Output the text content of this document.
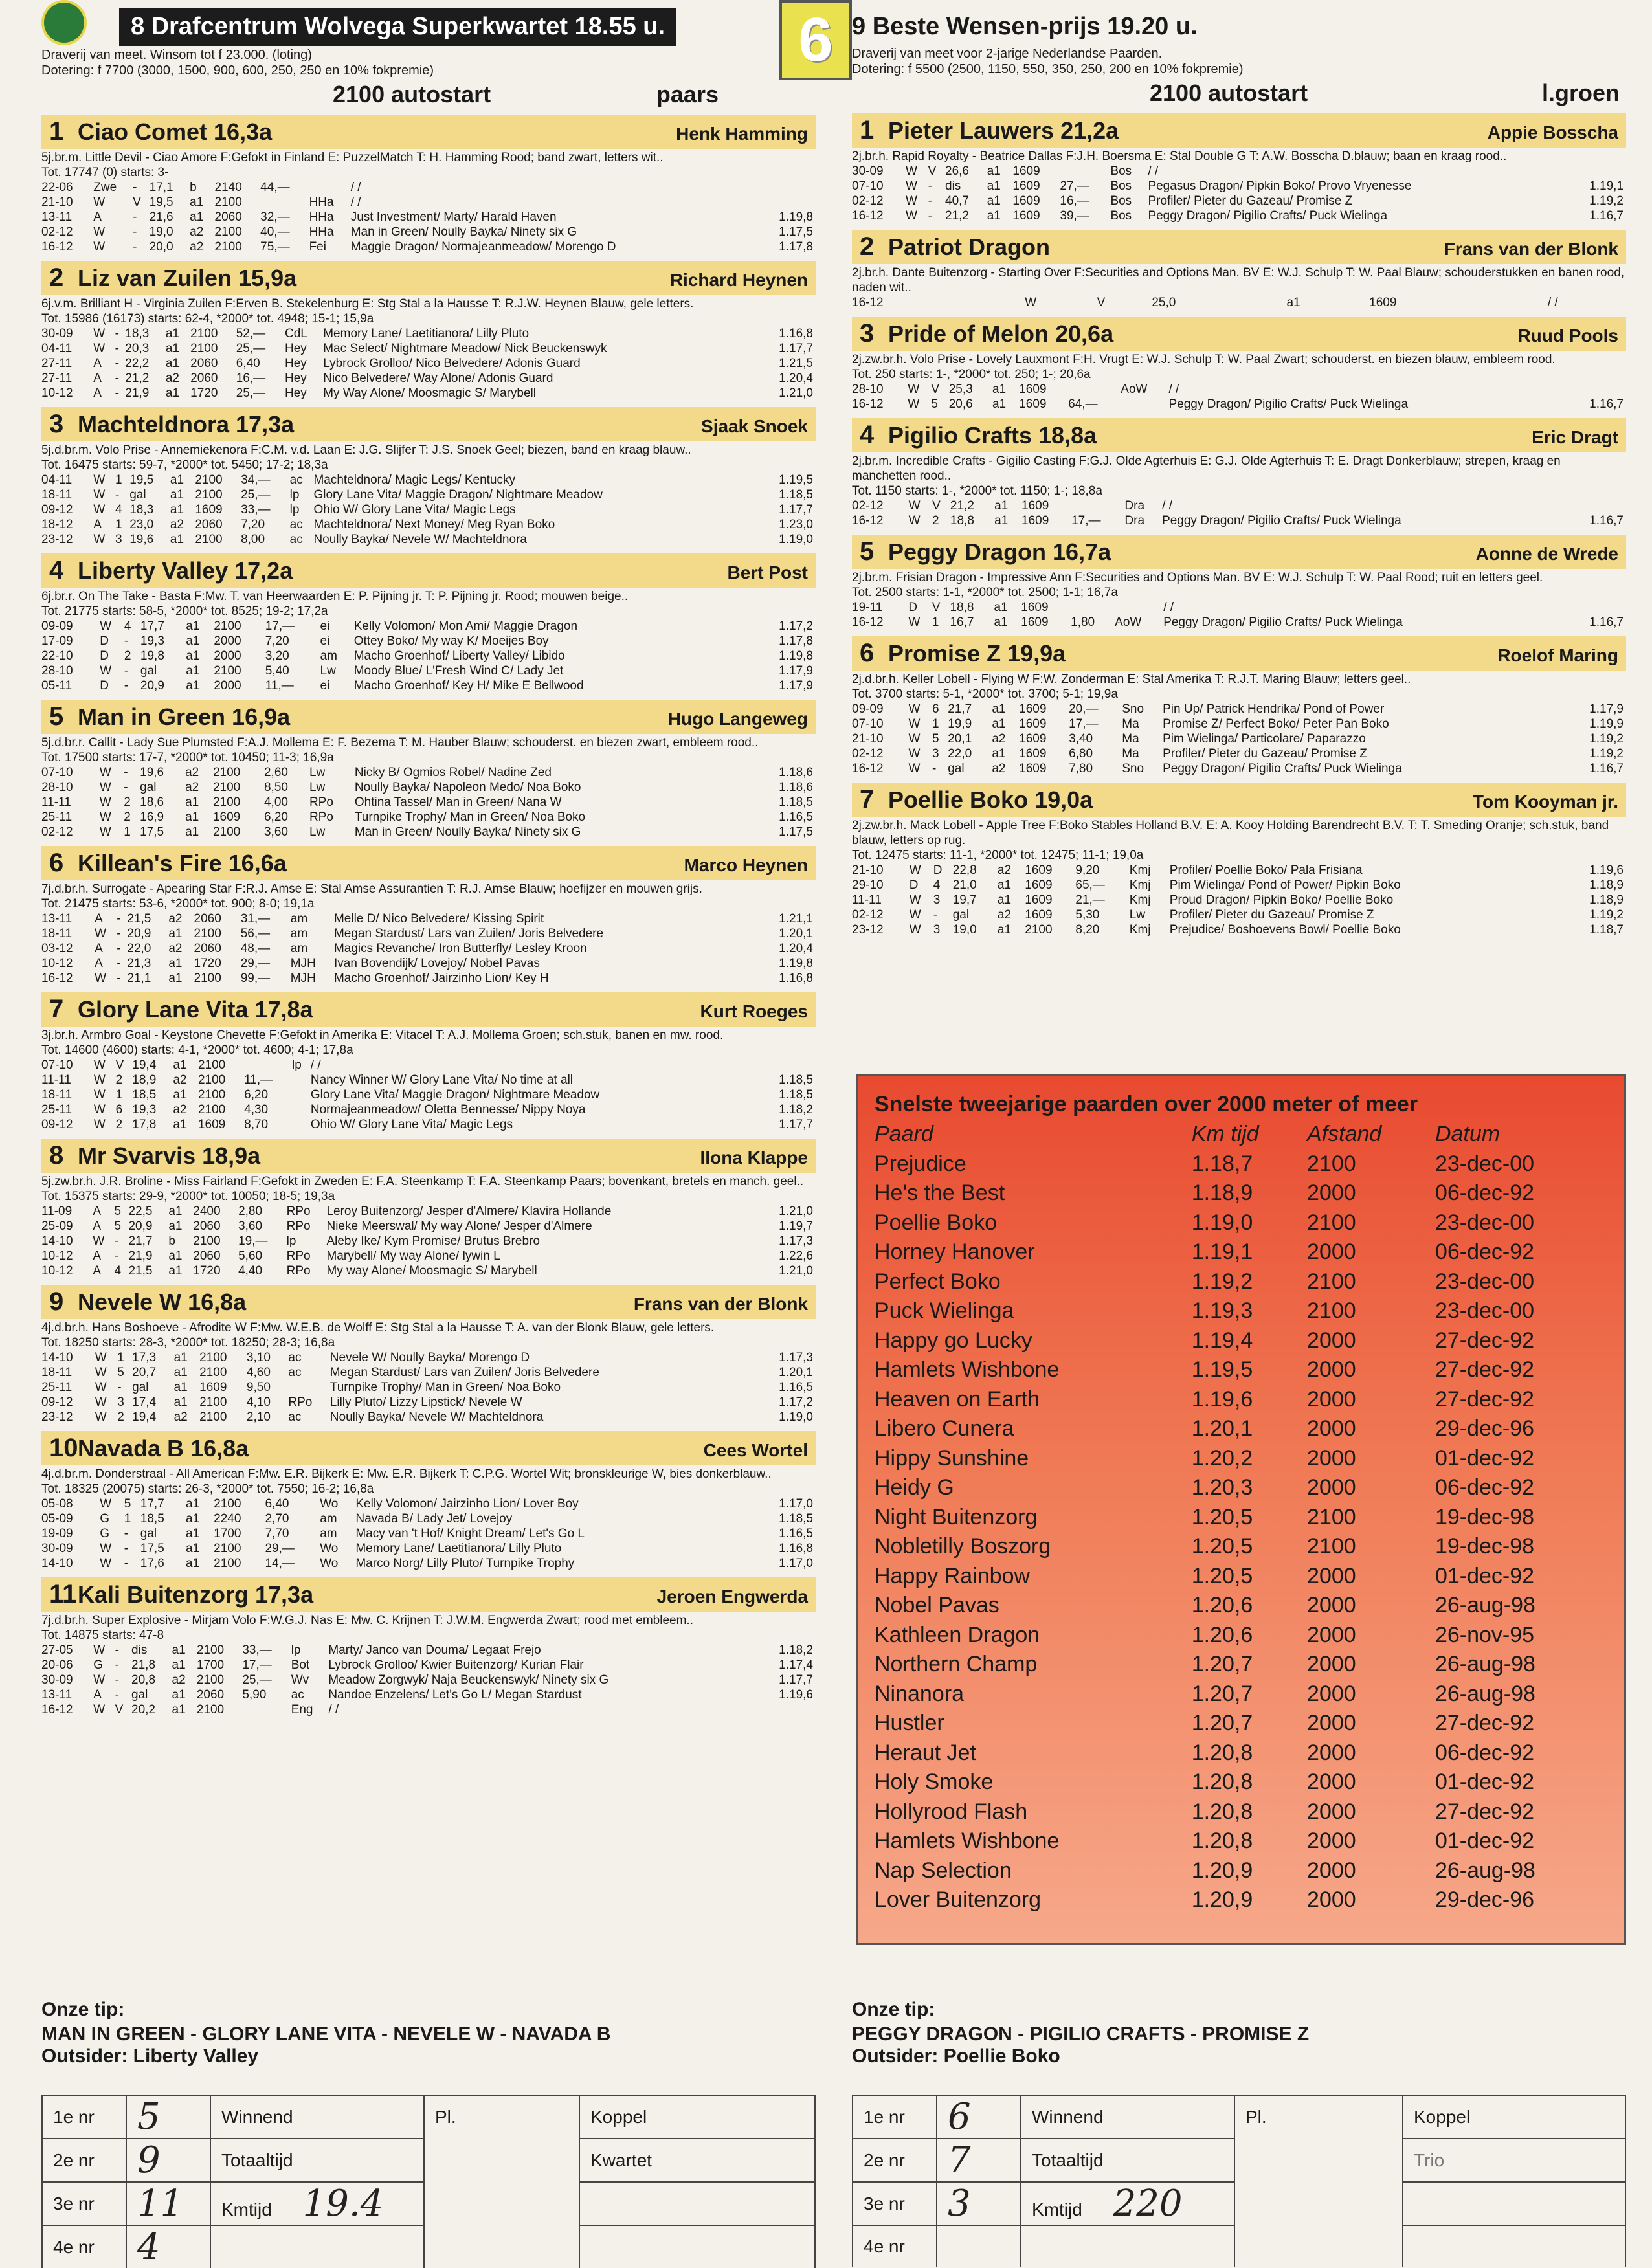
6
8 Drafcentrum Wolvega Superkwartet 18.55 u.
Draverij van meet. Winsom tot f 23.000. (loting)
Dotering: f 7700 (3000, 1500, 900, 600, 250, 250 en 10% fokpremie)
2100 autostart	paars
1 Ciao Comet 16,3a	Henk Hamming
5j.br.m. Little Devil - Ciao Amore F:Gefokt in Finland E: PuzzelMatch T: H. Hamming Rood; band zwart, letters wit..
Tot. 17747 (0) starts: 3-
22-06	Zwe	-	17,1	b	2140	44,—		/ /	
21-10	W	V	19,5	a1	2100		HHa	/ /	
13-11	A	-	21,6	a1	2060	32,—	HHa	Just Investment/ Marty/ Harald Haven	1.19,8
02-12	W	-	19,0	a2	2100	40,—	HHa	Man in Green/ Noully Bayka/ Ninety six G	1.17,5
16-12	W	-	20,0	a2	2100	75,—	Fei	Maggie Dragon/ Normajeanmeadow/ Morengo D	1.17,8
2 Liz van Zuilen 15,9a	Richard Heynen
6j.v.m. Brilliant H - Virginia Zuilen F:Erven B. Stekelenburg E: Stg Stal a la Hausse T: R.J.W. Heynen Blauw, gele letters.
Tot. 15986 (16173) starts: 62-4, *2000* tot. 4948; 15-1; 15,9a
30-09	W	-	18,3	a1	2100	52,—	CdL	Memory Lane/ Laetitianora/ Lilly Pluto	1.16,8
04-11	W	-	20,3	a1	2100	25,—	Hey	Mac Select/ Nightmare Meadow/ Nick Beuckenswyk	1.17,7
27-11	A	-	22,2	a1	2060	6,40	Hey	Lybrock Grolloo/ Nico Belvedere/ Adonis Guard	1.21,5
27-11	A	-	21,2	a2	2060	16,—	Hey	Nico Belvedere/ Way Alone/ Adonis Guard	1.20,4
10-12	A	-	21,9	a1	1720	25,—	Hey	My Way Alone/ Moosmagic S/ Marybell	1.21,0
3 Machteldnora 17,3a	Sjaak Snoek
5j.d.br.m. Volo Prise - Annemiekenora F:C.M. v.d. Laan E: J.G. Slijfer T: J.S. Snoek Geel; biezen, band en kraag blauw..
Tot. 16475 starts: 59-7, *2000* tot. 5450; 17-2; 18,3a
04-11	W	1	19,5	a1	2100	34,—	ac	Machteldnora/ Magic Legs/ Kentucky	1.19,5
18-11	W	-	gal	a1	2100	25,—	lp	Glory Lane Vita/ Maggie Dragon/ Nightmare Meadow	1.18,5
09-12	W	4	18,3	a1	1609	33,—	lp	Ohio W/ Glory Lane Vita/ Magic Legs	1.17,7
18-12	A	1	23,0	a2	2060	7,20	ac	Machteldnora/ Next Money/ Meg Ryan Boko	1.23,0
23-12	W	3	19,6	a1	2100	8,00	ac	Noully Bayka/ Nevele W/ Machteldnora	1.19,0
4 Liberty Valley 17,2a	Bert Post
6j.br.r. On The Take - Basta F:Mw. T. van Heerwaarden E: P. Pijning jr. T: P. Pijning jr. Rood; mouwen beige..
Tot. 21775 starts: 58-5, *2000* tot. 8525; 19-2; 17,2a
09-09	W	4	17,7	a1	2100	17,—	ei	Kelly Volomon/ Mon Ami/ Maggie Dragon	1.17,2
17-09	D	-	19,3	a1	2000	7,20	ei	Ottey Boko/ My way K/ Moeijes Boy	1.17,8
22-10	D	2	19,8	a1	2000	3,20	am	Macho Groenhof/ Liberty Valley/ Libido	1.19,8
28-10	W	-	gal	a1	2100	5,40	Lw	Moody Blue/ L'Fresh Wind C/ Lady Jet	1.17,9
05-11	D	-	20,9	a1	2000	11,—	ei	Macho Groenhof/ Key H/ Mike E Bellwood	1.17,9
5 Man in Green 16,9a	Hugo Langeweg
5j.d.br.r. Callit - Lady Sue Plumsted F:A.J. Mollema E: F. Bezema T: M. Hauber Blauw; schouderst. en biezen zwart, embleem rood..
Tot. 17500 starts: 17-7, *2000* tot. 10450; 11-3; 16,9a
07-10	W	-	19,6	a2	2100	2,60	Lw	Nicky B/ Ogmios Robel/ Nadine Zed	1.18,6
28-10	W	-	gal	a2	2100	8,50	Lw	Noully Bayka/ Napoleon Medo/ Noa Boko	1.18,6
11-11	W	2	18,6	a1	2100	4,00	RPo	Ohtina Tassel/ Man in Green/ Nana W	1.18,5
25-11	W	2	16,9	a1	1609	6,20	RPo	Turnpike Trophy/ Man in Green/ Noa Boko	1.16,5
02-12	W	1	17,5	a1	2100	3,60	Lw	Man in Green/ Noully Bayka/ Ninety six G	1.17,5
6 Killean's Fire 16,6a	Marco Heynen
7j.d.br.h. Surrogate - Apearing Star F:R.J. Amse E: Stal Amse Assurantien T: R.J. Amse Blauw; hoefijzer en mouwen grijs.
Tot. 21475 starts: 53-6, *2000* tot. 900; 8-0; 19,1a
13-11	A	-	21,5	a2	2060	31,—	am	Melle D/ Nico Belvedere/ Kissing Spirit	1.21,1
18-11	W	-	20,9	a1	2100	56,—	am	Megan Stardust/ Lars van Zuilen/ Joris Belvedere	1.20,1
03-12	A	-	22,0	a2	2060	48,—	am	Magics Revanche/ Iron Butterfly/ Lesley Kroon	1.20,4
10-12	A	-	21,3	a1	1720	29,—	MJH	Ivan Bovendijk/ Lovejoy/ Nobel Pavas	1.19,8
16-12	W	-	21,1	a1	2100	99,—	MJH	Macho Groenhof/ Jairzinho Lion/ Key H	1.16,8
7 Glory Lane Vita 17,8a	Kurt Roeges
3j.br.h. Armbro Goal - Keystone Chevette F:Gefokt in Amerika E: Vitacel T: A.J. Mollema Groen; sch.stuk, banen en mw. rood.
Tot. 14600 (4600) starts: 4-1, *2000* tot. 4600; 4-1; 17,8a
07-10	W	V	19,4	a1	2100		lp	/ /	
11-11	W	2	18,9	a2	2100	11,—		Nancy Winner W/ Glory Lane Vita/ No time at all	1.18,5
18-11	W	1	18,5	a1	2100	6,20		Glory Lane Vita/ Maggie Dragon/ Nightmare Meadow	1.18,5
25-11	W	6	19,3	a2	2100	4,30		Normajeanmeadow/ Oletta Bennesse/ Nippy Noya	1.18,2
09-12	W	2	17,8	a1	1609	8,70		Ohio W/ Glory Lane Vita/ Magic Legs	1.17,7
8 Mr Svarvis 18,9a	Ilona Klappe
5j.zw.br.h. J.R. Broline - Miss Fairland F:Gefokt in Zweden E: F.A. Steenkamp T: F.A. Steenkamp Paars; bovenkant, bretels en manch. geel..
Tot. 15375 starts: 29-9, *2000* tot. 10050; 18-5; 19,3a
11-09	A	5	22,5	a1	2400	2,80	RPo	Leroy Buitenzorg/ Jesper d'Almere/ Klavira Hollande	1.21,0
25-09	A	5	20,9	a1	2060	3,60	RPo	Nieke Meerswal/ My way Alone/ Jesper d'Almere	1.19,7
14-10	W	-	21,7	b	2100	19,—	lp	Aleby Ike/ Kym Promise/ Brutus Brebro	1.17,3
10-12	A	-	21,9	a1	2060	5,60	RPo	Marybell/ My way Alone/ lywin L	1.22,6
10-12	A	4	21,5	a1	1720	4,40	RPo	My way Alone/ Moosmagic S/ Marybell	1.21,0
9 Nevele W 16,8a	Frans van der Blonk
4j.d.br.h. Hans Boshoeve - Afrodite W F:Mw. W.E.B. de Wolff E: Stg Stal a la Hausse T: A. van der Blonk Blauw, gele letters.
Tot. 18250 starts: 28-3, *2000* tot. 18250; 28-3; 16,8a
14-10	W	1	17,3	a1	2100	3,10	ac	Nevele W/ Noully Bayka/ Morengo D	1.17,3
18-11	W	5	20,7	a1	2100	4,60	ac	Megan Stardust/ Lars van Zuilen/ Joris Belvedere	1.20,1
25-11	W	-	gal	a1	1609	9,50		Turnpike Trophy/ Man in Green/ Noa Boko	1.16,5
09-12	W	3	17,4	a1	2100	4,10	RPo	Lilly Pluto/ Lizzy Lipstick/ Nevele W	1.17,2
23-12	W	2	19,4	a2	2100	2,10	ac	Noully Bayka/ Nevele W/ Machteldnora	1.19,0
10 Navada B 16,8a	Cees Wortel
4j.d.br.m. Donderstraal - All American F:Mw. E.R. Bijkerk E: Mw. E.R. Bijkerk T: C.P.G. Wortel Wit; bronskleurige W, bies donkerblauw..
Tot. 18325 (20075) starts: 26-3, *2000* tot. 7550; 16-2; 16,8a
05-08	W	5	17,7	a1	2100	6,40	Wo	Kelly Volomon/ Jairzinho Lion/ Lover Boy	1.17,0
05-09	G	1	18,5	a1	2240	2,70	am	Navada B/ Lady Jet/ Lovejoy	1.18,5
19-09	G	-	gal	a1	1700	7,70	am	Macy van 't Hof/ Knight Dream/ Let's Go L	1.16,5
30-09	W	-	17,5	a1	2100	29,—	Wo	Memory Lane/ Laetitianora/ Lilly Pluto	1.16,8
14-10	W	-	17,6	a1	2100	14,—	Wo	Marco Norg/ Lilly Pluto/ Turnpike Trophy	1.17,0
11 Kali Buitenzorg 17,3a	Jeroen Engwerda
7j.d.br.h. Super Explosive - Mirjam Volo F:W.G.J. Nas E: Mw. C. Krijnen T: J.W.M. Engwerda Zwart; rood met embleem..
Tot. 14875 starts: 47-8
27-05	W	-	dis	a1	2100	33,—	lp	Marty/ Janco van Douma/ Legaat Frejo	1.18,2
20-06	G	-	21,8	a1	1700	17,—	Bot	Lybrock Grolloo/ Kwier Buitenzorg/ Kurian Flair	1.17,4
30-09	W	-	20,8	a2	2100	25,—	Wv	Meadow Zorgwyk/ Naja Beuckenswyk/ Ninety six G	1.17,7
13-11	A	-	gal	a1	2060	5,90	ac	Nandoe Enzelens/ Let's Go L/ Megan Stardust	1.19,6
16-12	W	V	20,2	a1	2100		Eng	/ /	
9 Beste Wensen-prijs 19.20 u.
Draverij van meet voor 2-jarige Nederlandse Paarden.
Dotering: f 5500 (2500, 1150, 550, 350, 250, 200 en 10% fokpremie)
2100 autostart	l.groen
1 Pieter Lauwers 21,2a	Appie Bosscha
2j.br.h. Rapid Royalty - Beatrice Dallas F:J.H. Boersma E: Stal Double G T: A.W. Bosscha D.blauw; baan en kraag rood..
30-09	W	V	26,6	a1	1609		Bos	/ /	
07-10	W	-	dis	a1	1609	27,—	Bos	Pegasus Dragon/ Pipkin Boko/ Provo Vryenesse	1.19,1
02-12	W	-	40,7	a1	1609	16,—	Bos	Profiler/ Pieter du Gazeau/ Promise Z	1.19,2
16-12	W	-	21,2	a1	1609	39,—	Bos	Peggy Dragon/ Pigilio Crafts/ Puck Wielinga	1.16,7
2 Patriot Dragon	Frans van der Blonk
2j.br.h. Dante Buitenzorg - Starting Over F:Securities and Options Man. BV E: W.J. Schulp T: W. Paal Blauw; schouderstukken en banen rood, naden wit..
16-12	W	V	25,0	a1	1609			/ /	
3 Pride of Melon 20,6a	Ruud Pools
2j.zw.br.h. Volo Prise - Lovely Lauxmont F:H. Vrugt E: W.J. Schulp T: W. Paal Zwart; schouderst. en biezen blauw, embleem rood.
Tot. 250 starts: 1-, *2000* tot. 250; 1-; 20,6a
28-10	W	V	25,3	a1	1609		AoW	/ /	
16-12	W	5	20,6	a1	1609	64,—		Peggy Dragon/ Pigilio Crafts/ Puck Wielinga	1.16,7
4 Pigilio Crafts 18,8a	Eric Dragt
2j.br.m. Incredible Crafts - Gigilio Casting F:G.J. Olde Agterhuis E: G.J. Olde Agterhuis T: E. Dragt Donkerblauw; strepen, kraag en manchetten rood..
Tot. 1150 starts: 1-, *2000* tot. 1150; 1-; 18,8a
02-12	W	V	21,2	a1	1609		Dra	/ /	
16-12	W	2	18,8	a1	1609	17,—	Dra	Peggy Dragon/ Pigilio Crafts/ Puck Wielinga	1.16,7
5 Peggy Dragon 16,7a	Aonne de Wrede
2j.br.m. Frisian Dragon - Impressive Ann F:Securities and Options Man. BV E: W.J. Schulp T: W. Paal Rood; ruit en letters geel.
Tot. 2500 starts: 1-1, *2000* tot. 2500; 1-1; 16,7a
19-11	D	V	18,8	a1	1609			/ /	
16-12	W	1	16,7	a1	1609	1,80	AoW	Peggy Dragon/ Pigilio Crafts/ Puck Wielinga	1.16,7
6 Promise Z 19,9a	Roelof Maring
2j.d.br.h. Keller Lobell - Flying W F:W. Zonderman E: Stal Amerika T: R.J.T. Maring Blauw; letters geel..
Tot. 3700 starts: 5-1, *2000* tot. 3700; 5-1; 19,9a
09-09	W	6	21,7	a1	1609	20,—	Sno	Pin Up/ Patrick Hendrika/ Pond of Power	1.17,9
07-10	W	1	19,9	a1	1609	17,—	Ma	Promise Z/ Perfect Boko/ Peter Pan Boko	1.19,9
21-10	W	5	20,1	a2	1609	3,40	Ma	Pim Wielinga/ Particolare/ Paparazzo	1.19,2
02-12	W	3	22,0	a1	1609	6,80	Ma	Profiler/ Pieter du Gazeau/ Promise Z	1.19,2
16-12	W	-	gal	a2	1609	7,80	Sno	Peggy Dragon/ Pigilio Crafts/ Puck Wielinga	1.16,7
7 Poellie Boko 19,0a	Tom Kooyman jr.
2j.zw.br.h. Mack Lobell - Apple Tree F:Boko Stables Holland B.V. E: A. Kooy Holding Barendrecht B.V. T: T. Smeding Oranje; sch.stuk, band blauw, letters op rug.
Tot. 12475 starts: 11-1, *2000* tot. 12475; 11-1; 19,0a
21-10	W	D	22,8	a2	1609	9,20	Kmj	Profiler/ Poellie Boko/ Pala Frisiana	1.19,6
29-10	D	4	21,0	a1	1609	65,—	Kmj	Pim Wielinga/ Pond of Power/ Pipkin Boko	1.18,9
11-11	W	3	19,7	a1	1609	21,—	Kmj	Proud Dragon/ Pipkin Boko/ Poellie Boko	1.18,9
02-12	W	-	gal	a2	1609	5,30	Lw	Profiler/ Pieter du Gazeau/ Promise Z	1.19,2
23-12	W	3	19,0	a1	2100	8,20	Kmj	Prejudice/ Boshoevens Bowl/ Poellie Boko	1.18,7
Snelste tweejarige paarden over 2000 meter of meer
Paard	Km tijd	Afstand	Datum
Prejudice	1.18,7	2100	23-dec-00
He's the Best	1.18,9	2000	06-dec-92
Poellie Boko	1.19,0	2100	23-dec-00
Horney Hanover	1.19,1	2000	06-dec-92
Perfect Boko	1.19,2	2100	23-dec-00
Puck Wielinga	1.19,3	2100	23-dec-00
Happy go Lucky	1.19,4	2000	27-dec-92
Hamlets Wishbone	1.19,5	2000	27-dec-92
Heaven on Earth	1.19,6	2000	27-dec-92
Libero Cunera	1.20,1	2000	29-dec-96
Hippy Sunshine	1.20,2	2000	01-dec-92
Heidy G	1.20,3	2000	06-dec-92
Night Buitenzorg	1.20,5	2100	19-dec-98
Nobletilly Boszorg	1.20,5	2100	19-dec-98
Happy Rainbow	1.20,5	2000	01-dec-92
Nobel Pavas	1.20,6	2000	26-aug-98
Kathleen Dragon	1.20,6	2000	26-nov-95
Northern Champ	1.20,7	2000	26-aug-98
Ninanora	1.20,7	2000	26-aug-98
Hustler	1.20,7	2000	27-dec-92
Heraut Jet	1.20,8	2000	06-dec-92
Holy Smoke	1.20,8	2000	01-dec-92
Hollyrood Flash	1.20,8	2000	27-dec-92
Hamlets Wishbone	1.20,8	2000	01-dec-92
Nap Selection	1.20,9	2000	26-aug-98
Lover Buitenzorg	1.20,9	2000	29-dec-96
Onze tip:
MAN IN GREEN - GLORY LANE VITA - NEVELE W - NAVADA B
Outsider: Liberty Valley
Onze tip:
PEGGY DRAGON - PIGILIO CRAFTS - PROMISE Z
Outsider: Poellie Boko
1e nr	5	Winnend	Pl.	Koppel
2e nr	9	Totaaltijd		Kwartet
3e nr	11	Kmtijd 19.4		
4e nr	4			
1e nr	6	Winnend	Pl.	Koppel
2e nr	7	Totaaltijd		Trio
3e nr	3	Kmtijd 220		
4e nr				
